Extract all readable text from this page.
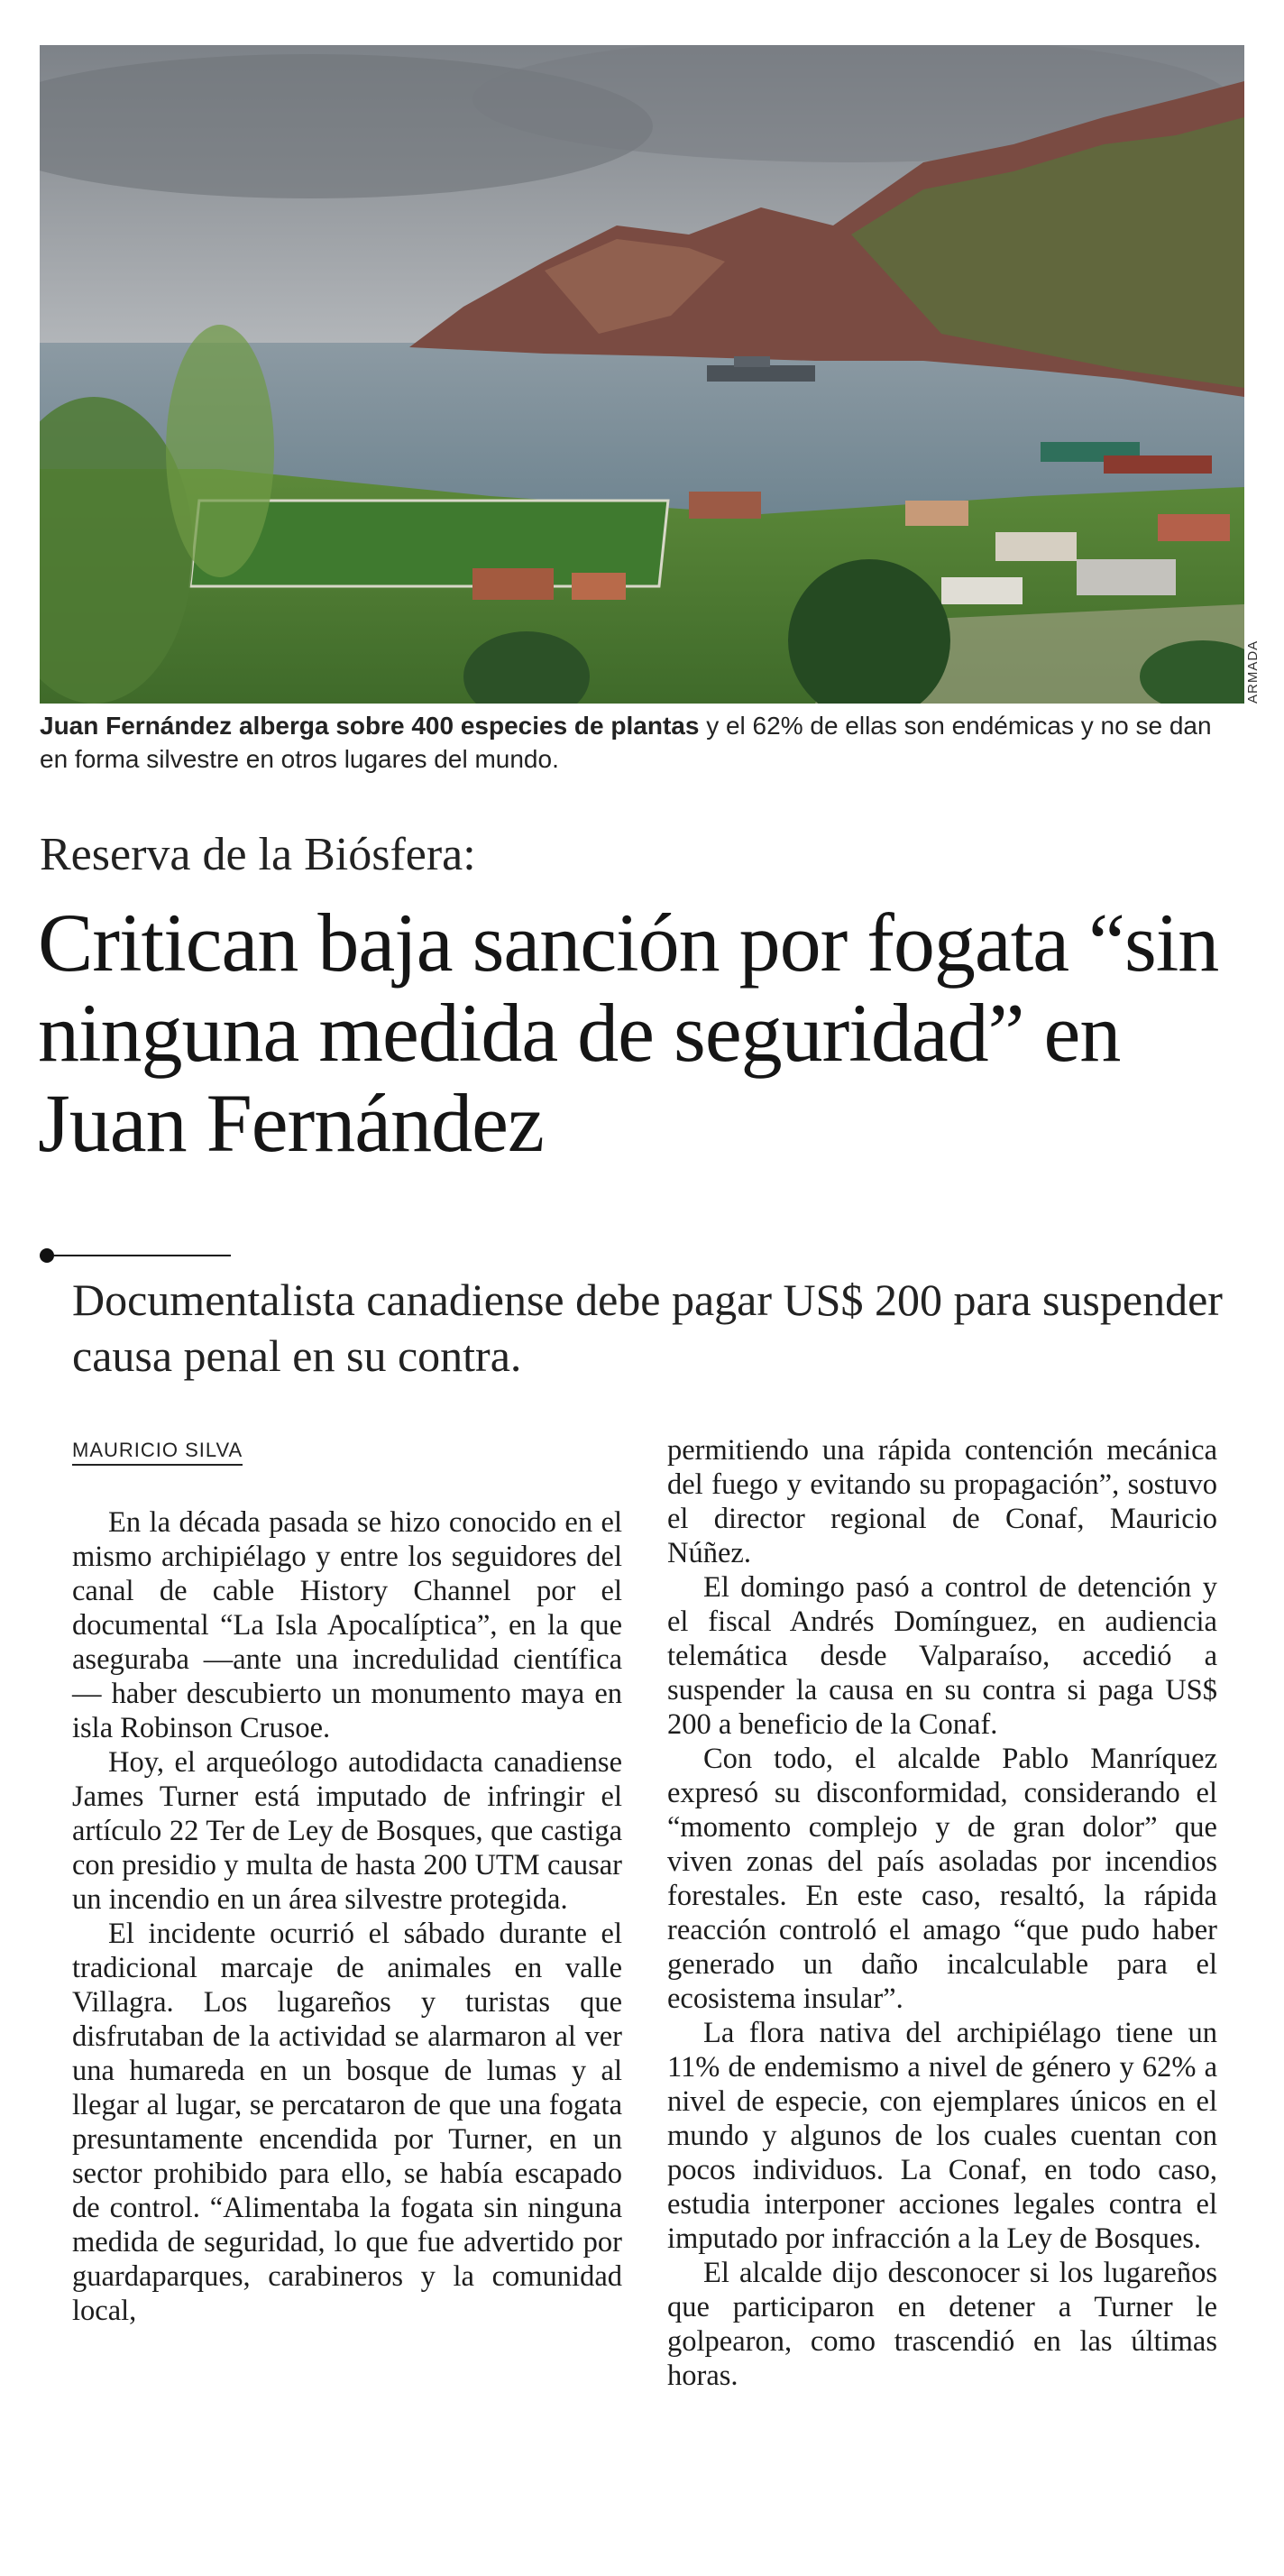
ARMADA
Juan Fernández alberga sobre 400 especies de plantas y el 62% de ellas son endémicas y no se dan en forma silvestre en otros lugares del mundo.
Reserva de la Biósfera:
Critican baja sanción por fogata “sin ninguna medida de seguridad” en Juan Fernández
Documentalista canadiense debe pagar US$ 200 para suspender causa penal en su contra.
MAURICIO SILVA

En la década pasada se hizo conocido en el mismo archipiélago y entre los seguidores del canal de cable History Channel por el documental “La Isla Apocalíptica”, en la que aseguraba —ante una incredulidad científica— haber descubierto un monumento maya en isla Robinson Crusoe.

Hoy, el arqueólogo autodidacta canadiense James Turner está imputado de infringir el artículo 22 Ter de Ley de Bosques, que castiga con presidio y multa de hasta 200 UTM causar un incendio en un área silvestre protegida.

El incidente ocurrió el sábado durante el tradicional marcaje de animales en valle Villagra. Los lugareños y turistas que disfrutaban de la actividad se alarmaron al ver una humareda en un bosque de lumas y al llegar al lugar, se percataron de que una fogata presuntamente encendida por Turner, en un sector prohibido para ello, se había escapado de control. “Alimentaba la fogata sin ninguna medida de seguridad, lo que fue advertido por guardaparques, carabineros y la comunidad local,

permitiendo una rápida contención mecánica del fuego y evitando su propagación”, sostuvo el director regional de Conaf, Mauricio Núñez.

El domingo pasó a control de detención y el fiscal Andrés Domínguez, en audiencia telemática desde Valparaíso, accedió a suspender la causa en su contra si paga US$ 200 a beneficio de la Conaf.

Con todo, el alcalde Pablo Manríquez expresó su disconformidad, considerando el “momento complejo y de gran dolor” que viven zonas del país asoladas por incendios forestales. En este caso, resaltó, la rápida reacción controló el amago “que pudo haber generado un daño incalculable para el ecosistema insular”.

La flora nativa del archipiélago tiene un 11% de endemismo a nivel de género y 62% a nivel de especie, con ejemplares únicos en el mundo y algunos de los cuales cuentan con pocos individuos. La Conaf, en todo caso, estudia interponer acciones legales contra el imputado por infracción a la Ley de Bosques.

El alcalde dijo desconocer si los lugareños que participaron en detener a Turner le golpearon, como trascendió en las últimas horas.
